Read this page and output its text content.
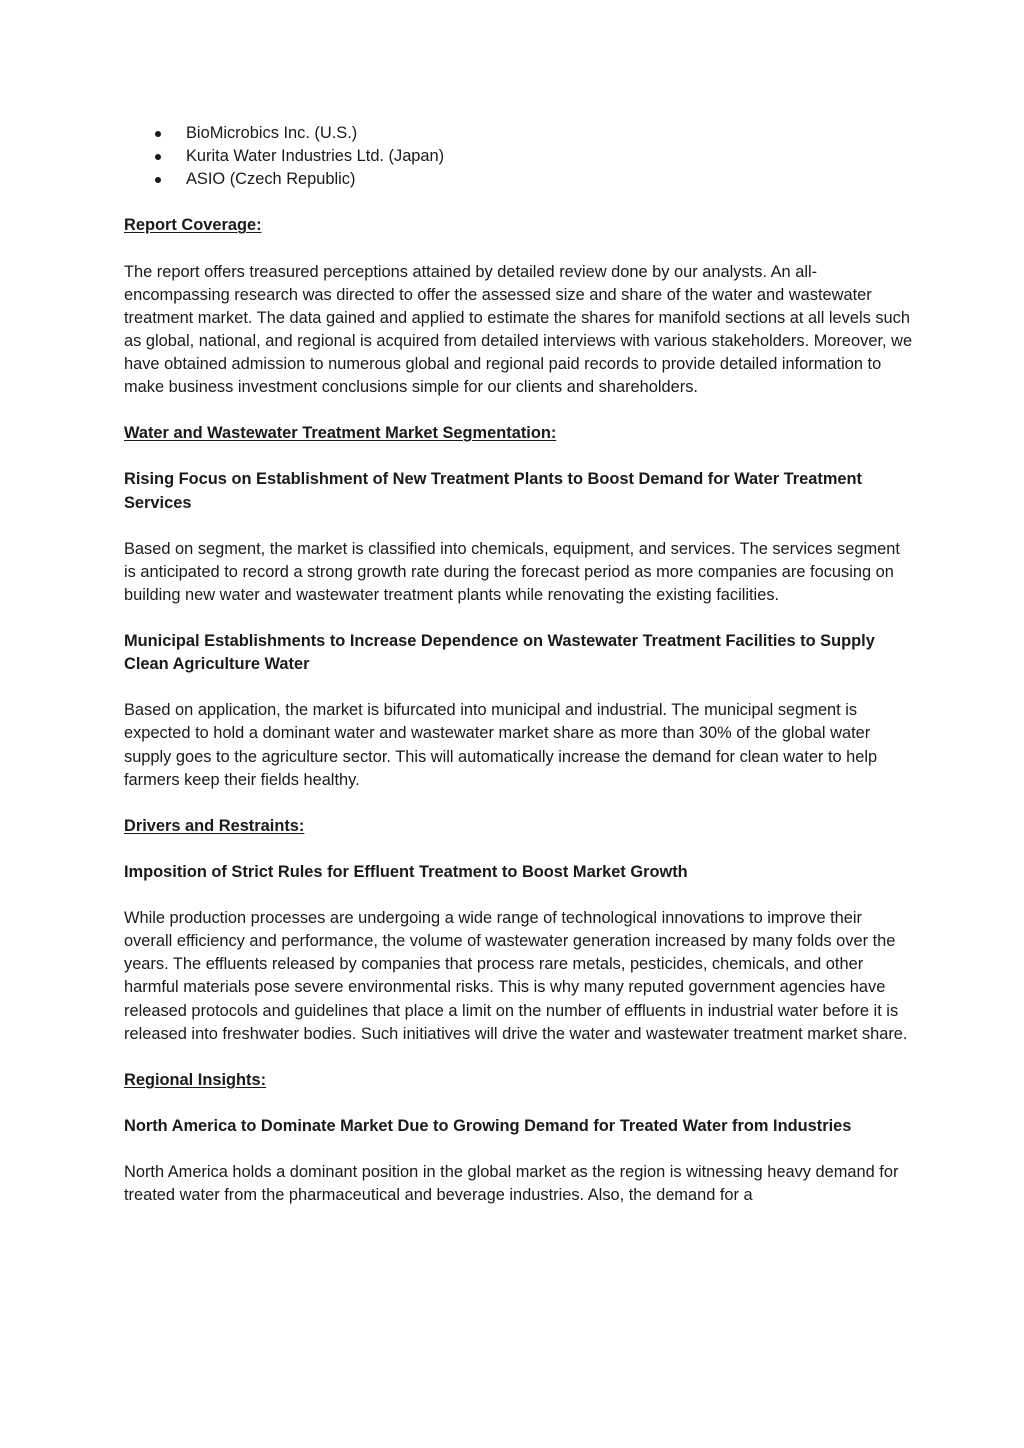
BioMicrobics Inc. (U.S.)
Kurita Water Industries Ltd. (Japan)
ASIO (Czech Republic)

Report Coverage:

The report offers treasured perceptions attained by detailed review done by our analysts. An all-encompassing research was directed to offer the assessed size and share of the water and wastewater treatment market. The data gained and applied to estimate the shares for manifold sections at all levels such as global, national, and regional is acquired from detailed interviews with various stakeholders. Moreover, we have obtained admission to numerous global and regional paid records to provide detailed information to make business investment conclusions simple for our clients and shareholders.

Water and Wastewater Treatment Market Segmentation:

Rising Focus on Establishment of New Treatment Plants to Boost Demand for Water Treatment Services

Based on segment, the market is classified into chemicals, equipment, and services. The services segment is anticipated to record a strong growth rate during the forecast period as more companies are focusing on building new water and wastewater treatment plants while renovating the existing facilities.

Municipal Establishments to Increase Dependence on Wastewater Treatment Facilities to Supply Clean Agriculture Water

Based on application, the market is bifurcated into municipal and industrial. The municipal segment is expected to hold a dominant water and wastewater market share as more than 30% of the global water supply goes to the agriculture sector. This will automatically increase the demand for clean water to help farmers keep their fields healthy.

Drivers and Restraints:

Imposition of Strict Rules for Effluent Treatment to Boost Market Growth

While production processes are undergoing a wide range of technological innovations to improve their overall efficiency and performance, the volume of wastewater generation increased by many folds over the years. The effluents released by companies that process rare metals, pesticides, chemicals, and other harmful materials pose severe environmental risks. This is why many reputed government agencies have released protocols and guidelines that place a limit on the number of effluents in industrial water before it is released into freshwater bodies. Such initiatives will drive the water and wastewater treatment market share.

Regional Insights:

North America to Dominate Market Due to Growing Demand for Treated Water from Industries

North America holds a dominant position in the global market as the region is witnessing heavy demand for treated water from the pharmaceutical and beverage industries. Also, the demand for a
